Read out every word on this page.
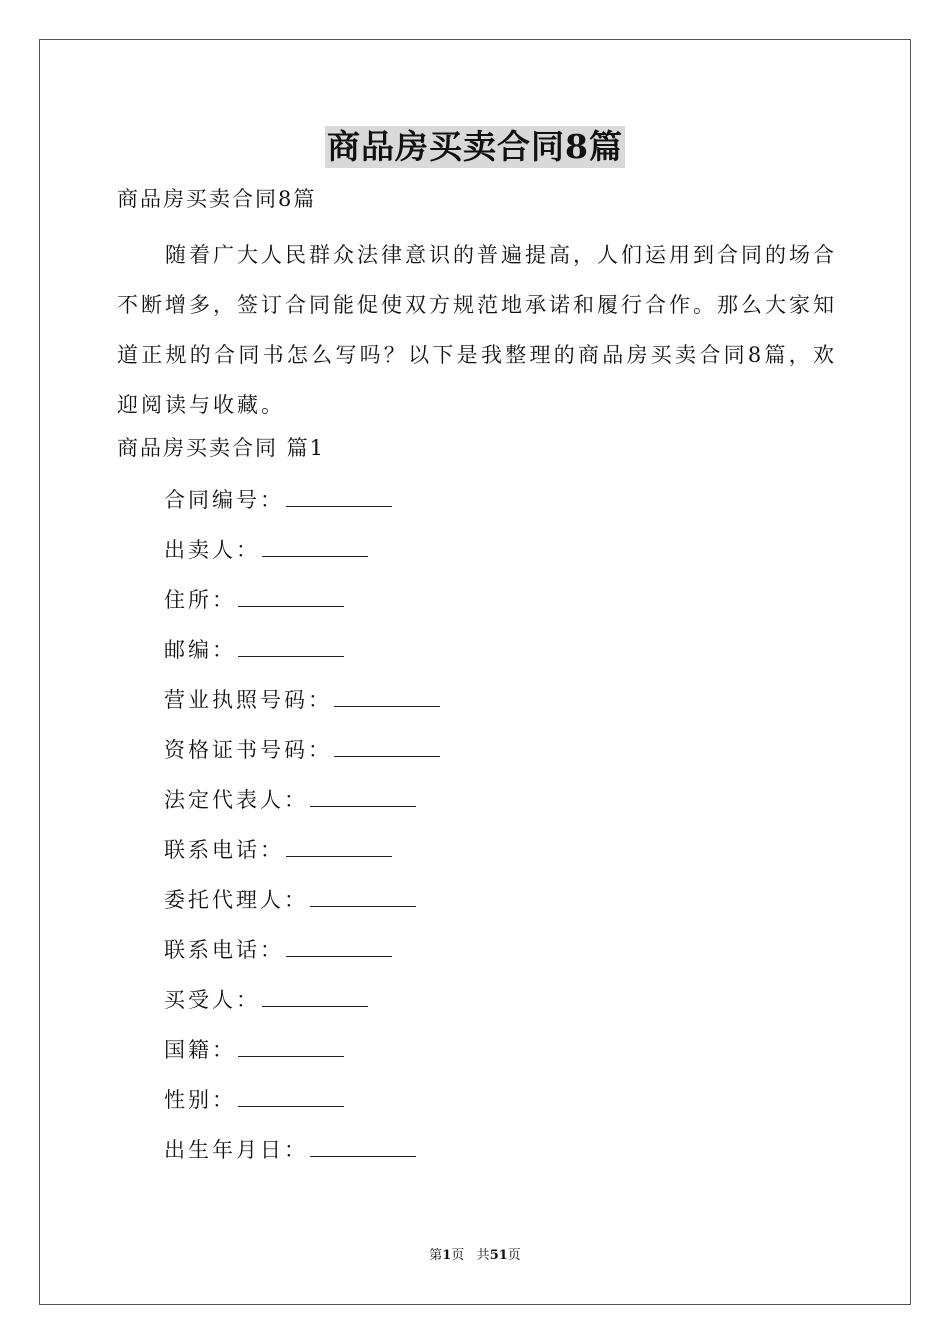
商品房买卖合同8篇
商品房买卖合同8篇

随着广大人民群众法律意识的普遍提高，人们运用到合同的场合不断增多，签订合同能促使双方规范地承诺和履行合作。那么大家知道正规的合同书怎么写吗？以下是我整理的商品房买卖合同8篇，欢迎阅读与收藏。

商品房买卖合同 篇1
合同编号：
出卖人：
住所：
邮编：
营业执照号码：
资格证书号码：
法定代表人：
联系电话：
委托代理人：
联系电话：
买受人：
国籍：
性别：
出生年月日：
第1页 共51页
